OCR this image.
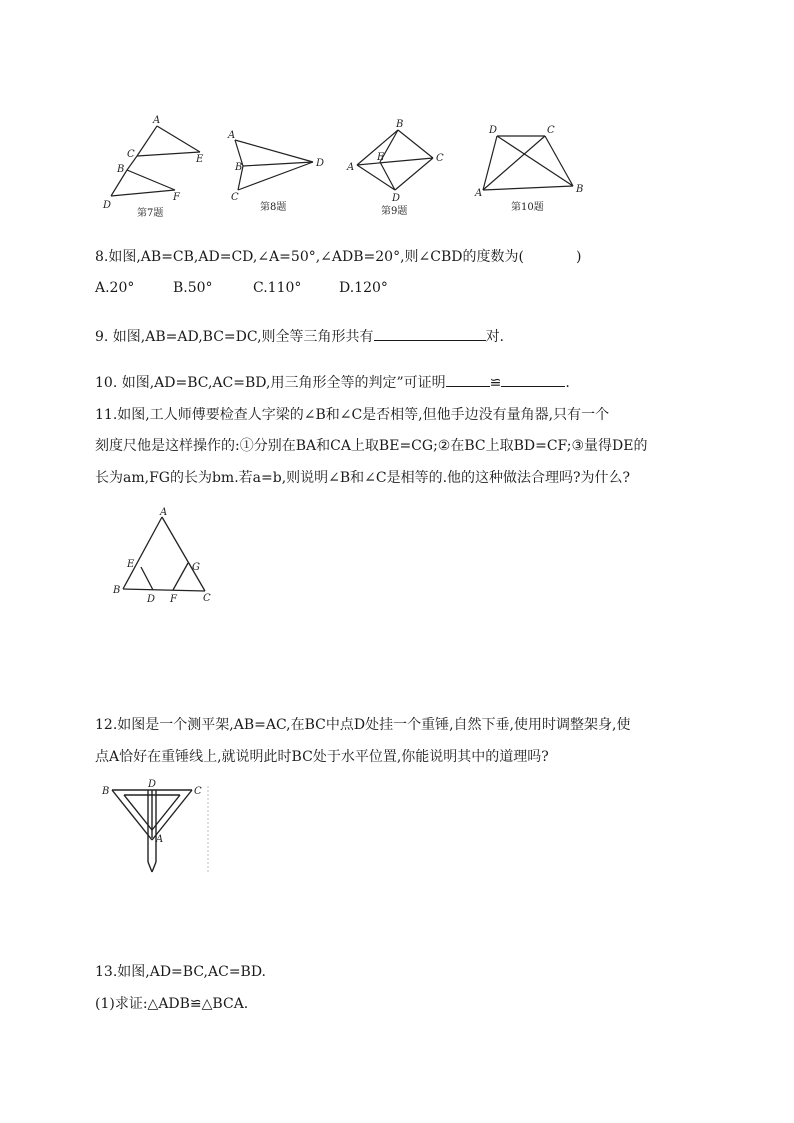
A
C	E
B
D
F
第7题
A
B
C
D
第8题
B
A
E	C
D
第9题
D	C
A	B
第10题
8.如图,AB=CB,AD=CD,∠A=50°,∠ADB=20°,则∠CBD的度数为(	)
A.20°	B.50°	C.110°	D.120°
9. 如图,AB=AD,BC=DC,则全等三角形共有	对.
10. 如图,AD=BC,AC=BD,用三角形全等的判定”可证明	≌	.
11.如图,工人师傅要检查人字梁的∠B和∠C是否相等,但他手边没有量角器,只有一个
刻度尺他是这样操作的:①分别在BA和CA上取BE=CG;②在BC上取BD=CF;③量得DE的
长为am,FG的长为bm.若a=b,则说明∠B和∠C是相等的.他的这种做法合理吗?为什么?
A
E	G
B
D F	C
12.如图是一个测平架,AB=AC,在BC中点D处挂一个重锤,自然下垂,使用时调整架身,使
点A恰好在重锤线上,就说明此时BC处于水平位置,你能说明其中的道理吗?
B
D
C
A
13.如图,AD=BC,AC=BD.
(1)求证:△ADB≌△BCA.
